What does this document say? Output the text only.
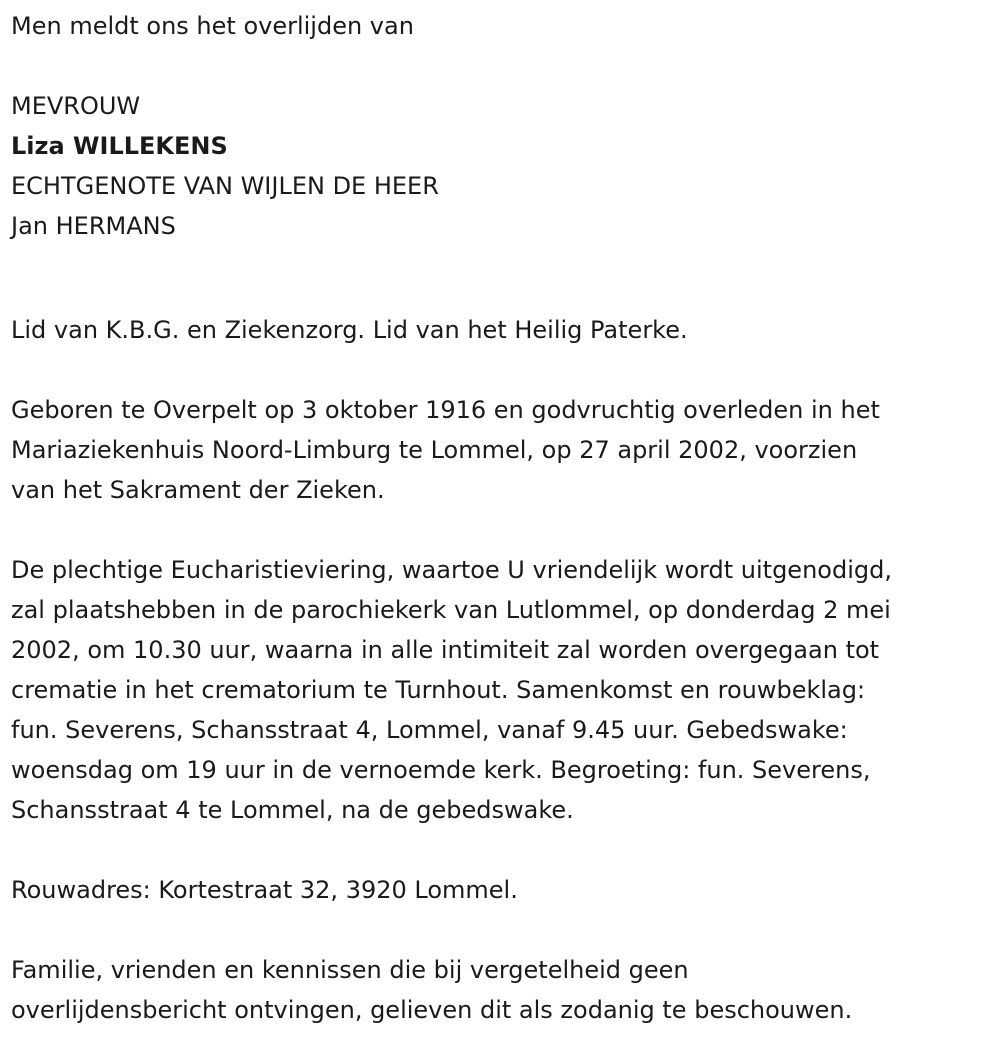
Men meldt ons het overlijden van

MEVROUW

Liza WILLEKENS

ECHTGENOTE VAN WIJLEN DE HEER

Jan HERMANS

Lid van K.B.G. en Ziekenzorg. Lid van het Heilig Paterke.

Geboren te Overpelt op 3 oktober 1916 en godvruchtig overleden in het
Mariaziekenhuis Noord-Limburg te Lommel, op 27 april 2002, voorzien
van het Sakrament der Zieken.
De plechtige Eucharistieviering, waartoe U vriendelijk wordt uitgenodigd,
zal plaatshebben in de parochiekerk van Lutlommel, op donderdag 2 mei
2002, om 10.30 uur, waarna in alle intimiteit zal worden overgegaan tot
crematie in het crematorium te Turnhout. Samenkomst en rouwbeklag:
fun. Severens, Schansstraat 4, Lommel, vanaf 9.45 uur. Gebedswake:
woensdag om 19 uur in de vernoemde kerk. Begroeting: fun. Severens,
Schansstraat 4 te Lommel, na de gebedswake.

Rouwadres: Kortestraat 32, 3920 Lommel.

Familie, vrienden en kennissen die bij vergetelheid geen
overlijdensbericht ontvingen, gelieven dit als zodanig te beschouwen.
